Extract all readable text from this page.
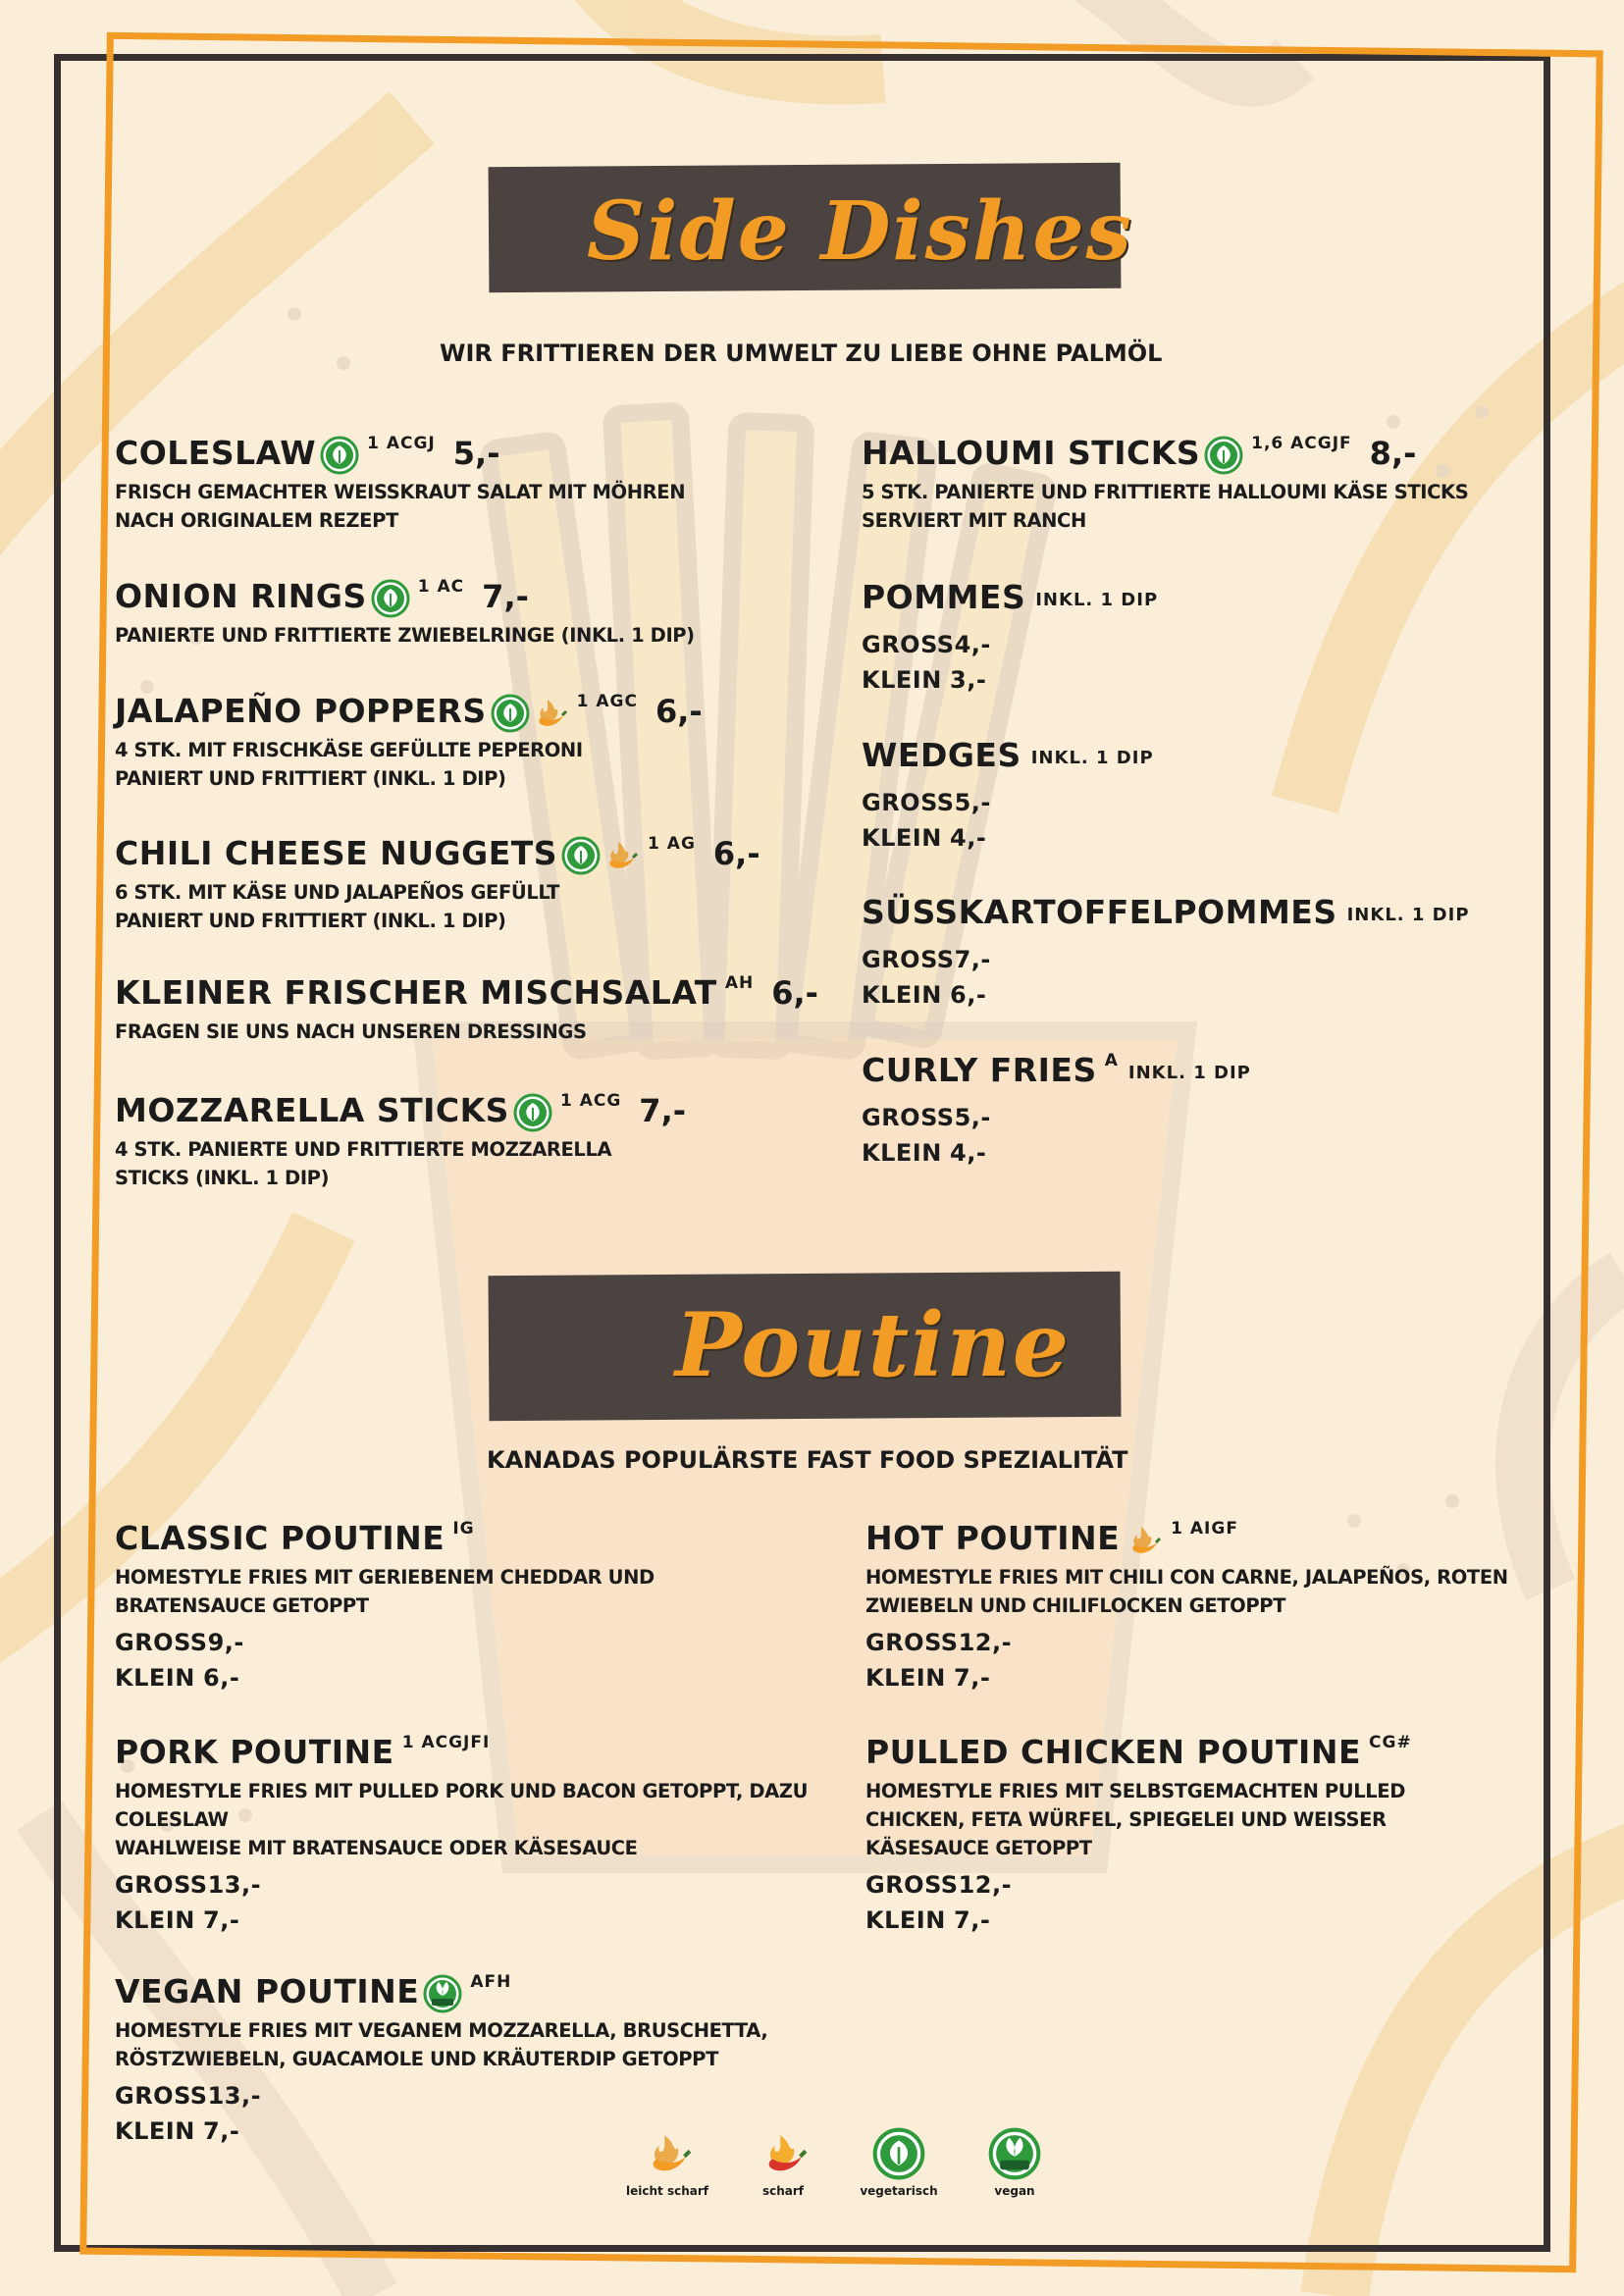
Side Dishes
WIR FRITTIEREN DER UMWELT ZU LIEBE OHNE PALMÖL
Poutine
KANADAS POPULÄRSTE FAST FOOD SPEZIALITÄT
leicht scharf	scharf	vegetarisch	vegan
COLESLAW	1 ACGJ 5,-
FRISCH GEMACHTER WEISSKRAUT SALAT MIT MÖHREN
NACH ORIGINALEM REZEPT
ONION RINGS	1 AC 7,-
PANIERTE UND FRITTIERTE ZWIEBELRINGE (INKL. 1 DIP)
JALAPEÑO POPPERS	1 AGC 6,-
4 STK. MIT FRISCHKÄSE GEFÜLLTE PEPERONI
PANIERT UND FRITTIERT (INKL. 1 DIP)
CHILI CHEESE NUGGETS	1 AG 6,-
6 STK. MIT KÄSE UND JALAPEÑOS GEFÜLLT
PANIERT UND FRITTIERT (INKL. 1 DIP)
KLEINER FRISCHER MISCHSALAT AH 6,-
FRAGEN SIE UNS NACH UNSEREN DRESSINGS
MOZZARELLA STICKS	1 ACG 7,-
4 STK. PANIERTE UND FRITTIERTE MOZZARELLA
STICKS (INKL. 1 DIP)
HALLOUMI STICKS	1,6 ACGJF 8,-
5 STK. PANIERTE UND FRITTIERTE HALLOUMI KÄSE STICKS
SERVIERT MIT RANCH
POMMES INKL. 1 DIP
GROSS4,-
KLEIN 3,-
WEDGES INKL. 1 DIP
GROSS5,-
KLEIN 4,-
SÜSSKARTOFFELPOMMES INKL. 1 DIP
GROSS7,-
KLEIN 6,-
CURLY FRIES A
INKL. 1 DIP
GROSS5,-
KLEIN 4,-
CLASSIC POUTINE IG
HOMESTYLE FRIES MIT GERIEBENEM CHEDDAR UND
BRATENSAUCE GETOPPT
GROSS9,-
KLEIN 6,-
PORK POUTINE 1 ACGJFI
HOMESTYLE FRIES MIT PULLED PORK UND BACON GETOPPT, DAZU
COLESLAW
WAHLWEISE MIT BRATENSAUCE ODER KÄSESAUCE
GROSS13,-
KLEIN 7,-
VEGAN POUTINE	AFH
HOMESTYLE FRIES MIT VEGANEM MOZZARELLA, BRUSCHETTA,
RÖSTZWIEBELN, GUACAMOLE UND KRÄUTERDIP GETOPPT
GROSS13,-
KLEIN 7,-
HOT POUTINE	1 AIGF
HOMESTYLE FRIES MIT CHILI CON CARNE, JALAPEÑOS, ROTEN
ZWIEBELN UND CHILIFLOCKEN GETOPPT
GROSS12,-
KLEIN 7,-
PULLED CHICKEN POUTINE CG#
HOMESTYLE FRIES MIT SELBSTGEMACHTEN PULLED
CHICKEN, FETA WÜRFEL, SPIEGELEI UND WEISSER
KÄSESAUCE GETOPPT
GROSS12,-
KLEIN 7,-
